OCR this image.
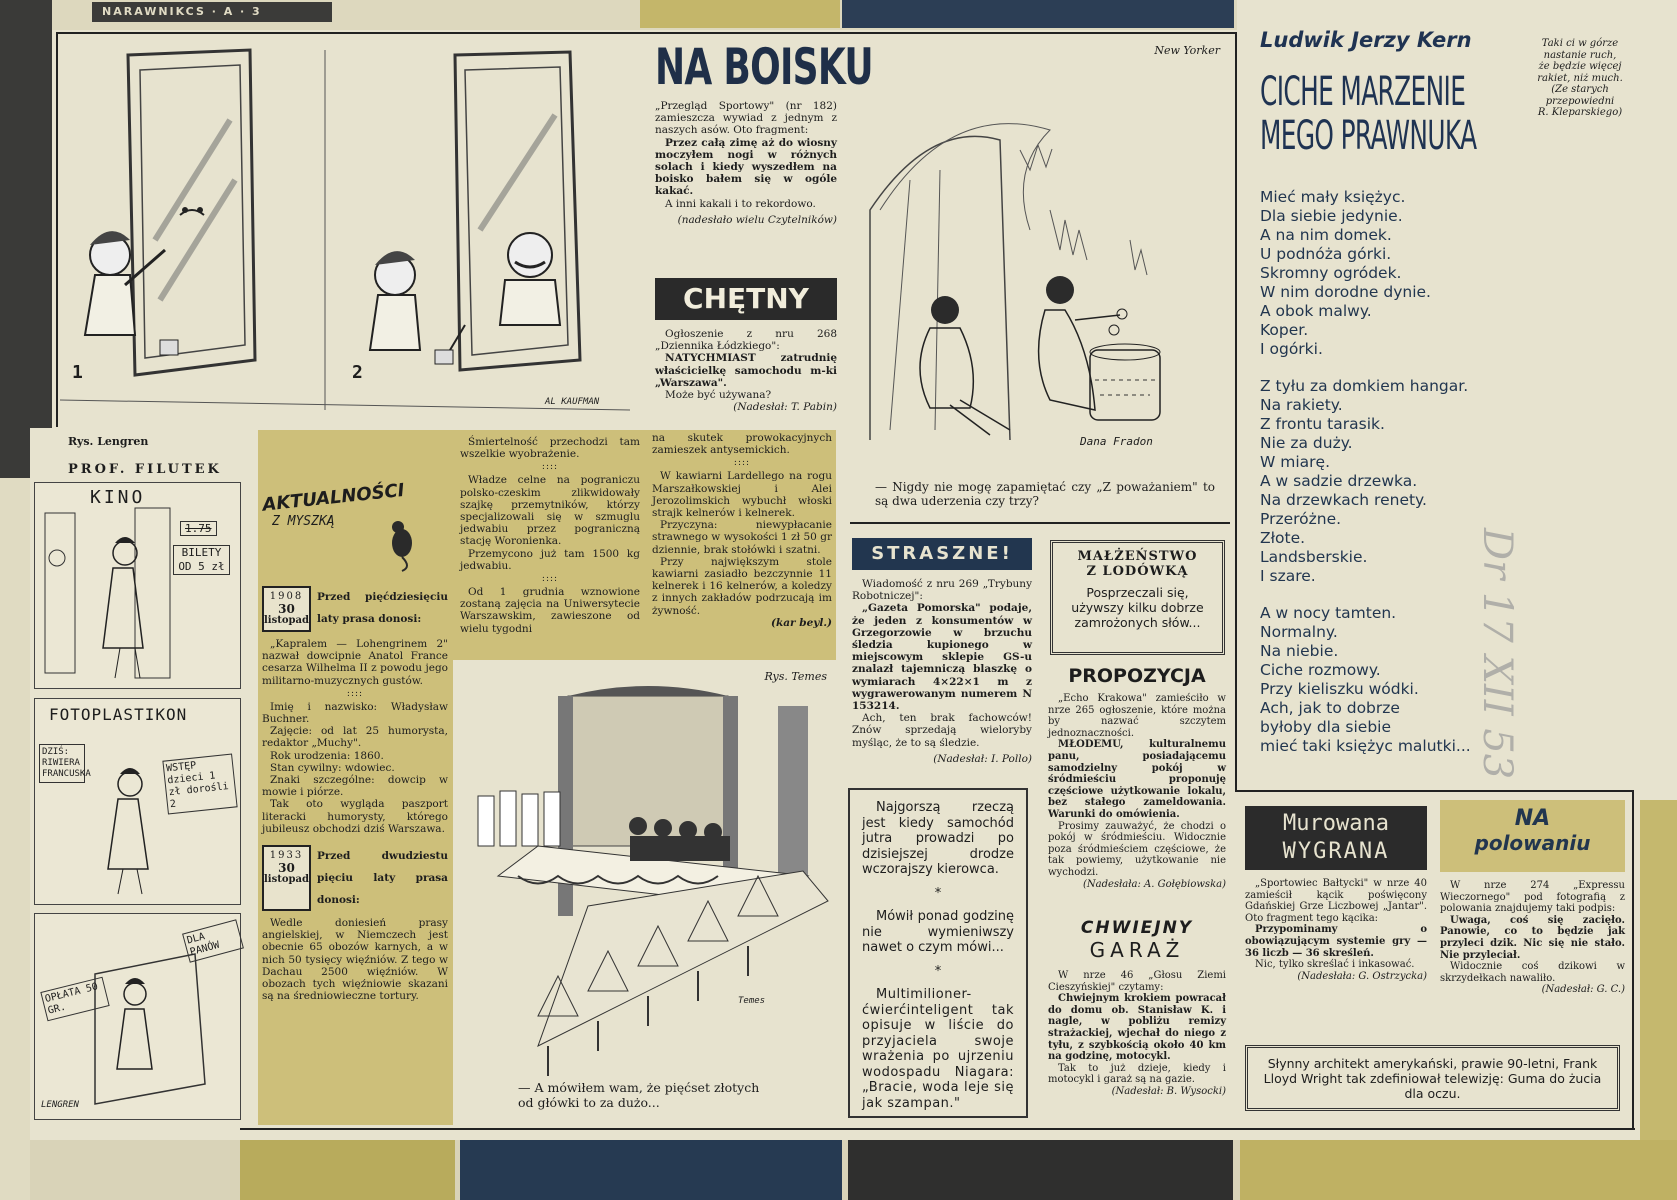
NARAWNIKCS · A · 3
1	2
AL KAUFMAN
NA BOISKU

„Przegląd Sportowy" (nr 182) zamieszcza wywiad z jednym z naszych asów. Oto fragment:

Przez całą zimę aż do wiosny moczyłem nogi w różnych solach i kiedy wyszedłem na boisko bałem się w ogóle kakać.

A inni kakali i to rekordowo.

(nadesłało wielu Czytelników)

CHĘTNY

Ogłoszenie z nru 268 „Dziennika Łódzkiego":

NATYCHMIAST zatrudnię właścicielkę samochodu m-ki „Warszawa".

Może być używana?

(Nadesłał: T. Pabin)

New Yorker
Dana Fradon

— Nigdy nie mogę zapamiętać czy „Z poważaniem" to są dwa uderzenia czy trzy?

Ludwik Jerzy Kern
CICHE MARZENIE
MEGO PRAWNUKA
Taki ci w górze
nastanie ruch,
że będzie więcej
rakiet, niż much.
(Ze starych
przepowiedni
R. Kleparskiego)
Mieć mały księżyc.
Dla siebie jedynie.
A na nim domek.
U podnóża górki.
Skromny ogródek.
W nim dorodne dynie.
A obok malwy.
Koper.
I ogórki.
Z tyłu za domkiem hangar.
Na rakiety.
Z frontu tarasik.
Nie za duży.
W miarę.
A w sadzie drzewka.
Na drzewkach renety.
Przeróżne.
Złote.
Landsberskie.
I szare.
A w nocy tamten.
Normalny.
Na niebie.
Ciche rozmowy.
Przy kieliszku wódki.
Ach, jak to dobrze
byłoby dla siebie
mieć taki księżyc malutki... Dr 17 XII 53
Rys. Lengren
PROF. FILUTEK
KINO
1.75
BILETY
OD 5 zł
FOTOPLASTIKON
DZIŚ: RIWIERA FRANCUSKA	WSTĘP dzieci 1 zł dorośli 2
DLA PANÓW
OPŁATA 50 GR.
LENGREN
AKTUALNOŚCI
Z MYSZKĄ
1908
30
listopad

Przed pięćdziesięciu laty prasa donosi:

„Kapralem — Lohengrinem 2" nazwał dowcipnie Anatol France cesarza Wilhelma II z powodu jego militarno-muzycznych gustów.

::::
Imię i nazwisko: Władysław Buchner.
Zajęcie: od lat 25 humorysta, redaktor „Muchy".
Rok urodzenia: 1860.
Stan cywilny: wdowiec.
Znaki szczególne: dowcip w mowie i piórze.

Tak oto wygląda paszport literacki humorysty, którego jubileusz obchodzi dziś Warszawa.

1933
30
listopad

Przed dwudziestu pięciu laty prasa donosi:

Wedle doniesień prasy angielskiej, w Niemczech jest obecnie 65 obozów karnych, a w nich 50 tysięcy więźniów. Z tego w Dachau 2500 więźniów. W obozach tych więźniowie skazani są na średniowieczne tortury.

Śmiertelność przechodzi tam wszelkie wyobrażenie.

::::

Władze celne na pograniczu polsko-czeskim zlikwidowały szajkę przemytników, którzy specjalizowali się w szmuglu jedwabiu przez pograniczną stację Woronienka.

Przemycono już tam 1500 kg jedwabiu.

::::

Od 1 grudnia wznowione zostaną zajęcia na Uniwersytecie Warszawskim, zawieszone od wielu tygodni

na skutek prowokacyjnych zamieszek antysemickich.

::::

W kawiarni Lardellego na rogu Marszałkowskiej i Alei Jerozolimskich wybuchł włoski strajk kelnerów i kelnerek.

Przyczyna: niewypłacanie strawnego w wysokości 1 zł 50 gr dziennie, brak stołówki i szatni.

Przy największym stole kawiarni zasiadło bezczynnie 11 kelnerek i 16 kelnerów, a koledzy z innych zakładów podrzucają im żywność.

(kar beyl.)

Rys. Temes
Temes

— A mówiłem wam, że pięćset złotych od główki to za dużo...

STRASZNE!

Wiadomość z nru 269 „Trybuny Robotniczej":

„Gazeta Pomorska" podaje, że jeden z konsumentów w Grzegorzowie w brzuchu śledzia kupionego w miejscowym sklepie GS-u znalazł tajemniczą blaszkę o wymiarach 4×22×1 m z wygrawerowanym numerem N 153214.

Ach, ten brak fachowców! Znów sprzedają wieloryby myśląc, że to są śledzie.

(Nadesłał: I. Pollo)

MAŁŻEŃSTWO
Z LODÓWKĄ

Posprzeczali się, używszy kilku dobrze zamrożonych słów...

PROPOZYCJA

„Echo Krakowa" zamieściło w nrze 265 ogłoszenie, które można by nazwać szczytem jednoznaczności.

MŁODEMU, kulturalnemu panu, posiadającemu samodzielny pokój w śródmieściu proponuję częściowe użytkowanie lokalu, bez stałego zameldowania. Warunki do omówienia.

Prosimy zauważyć, że chodzi o pokój w śródmieściu. Widocznie poza śródmieściem częściowe, że tak powiemy, użytkowanie nie wychodzi.

(Nadesłała: A. Gołębiowska)

Najgorszą rzeczą jest kiedy samochód jutra prowadzi po dzisiejszej drodze wczorajszy kierowca.

*

Mówił ponad godzinę nie wymieniwszy nawet o czym mówi...

*

Multimilioner-ćwierćinteligent tak opisuje w liście do przyjaciela swoje wrażenia po ujrzeniu wodospadu Niagara: „Bracie, woda leje się jak szampan."

CHWIEJNY
GARAŻ

W nrze 46 „Głosu Ziemi Cieszyńskiej" czytamy:

Chwiejnym krokiem powracał do domu ob. Stanisław K. i nagle, w pobliżu remizy strażackiej, wjechał do niego z tyłu, z szybkością około 40 km na godzinę, motocykl.

Tak to już dzieje, kiedy i motocykl i garaż są na gazie.

(Nadesłał: B. Wysocki)

Murowana
WYGRANA

„Sportowiec Bałtycki" w nrze 40 zamieścił kącik poświęcony Gdańskiej Grze Liczbowej „Jantar". Oto fragment tego kącika:

Przypominamy o obowiązującym systemie gry — 36 liczb — 36 skreśleń.

Nic, tylko skreślać i inkasować.

(Nadesłała: G. Ostrzycka)

NA
polowaniu

W nrze 274 „Expressu Wieczornego" pod fotografią z polowania znajdujemy taki podpis:

Uwaga, coś się zacięło. Panowie, co to będzie jak przyleci dzik. Nic się nie stało. Nie przyleciał.

Widocznie coś dzikowi w skrzydełkach nawaliło.

(Nadesłał: G. C.)

Słynny architekt amerykański, prawie 90-letni, Frank Lloyd Wright tak zdefiniował telewizję: Guma do żucia dla oczu.
